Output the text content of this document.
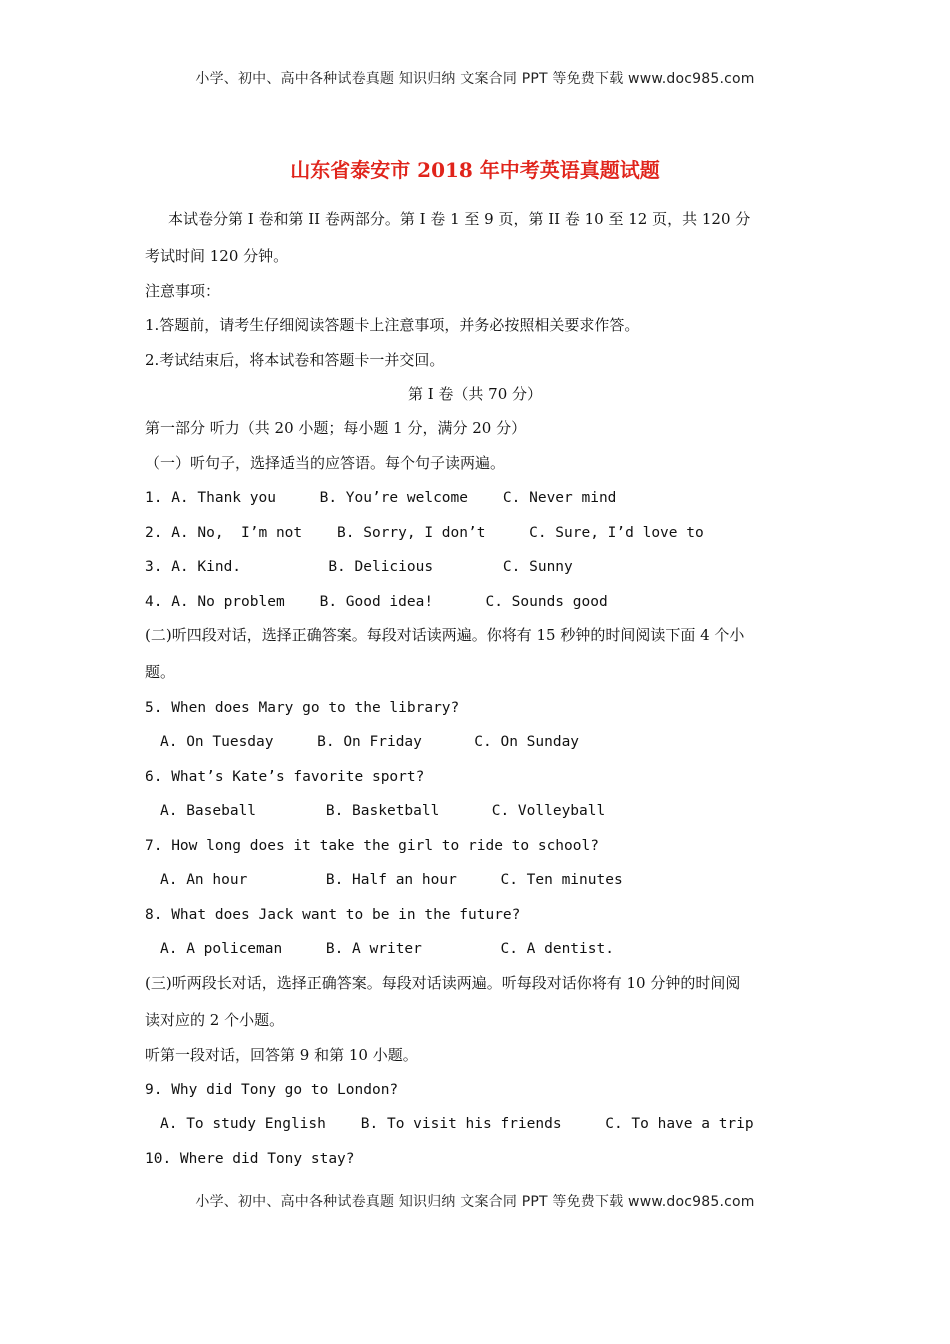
小学、初中、高中各种试卷真题 知识归纳 文案合同 PPT 等免费下载 www.doc985.com
山东省泰安市 2018 年中考英语真题试题
本试卷分第 I 卷和第 II 卷两部分。第 I 卷 1 至 9 页，第 II 卷 10 至 12 页，共 120 分
考试时间 120 分钟。
注意事项：
1.答题前，请考生仔细阅读答题卡上注意事项，并务必按照相关要求作答。
2.考试结束后，将本试卷和答题卡一并交回。
第 I 卷（共 70 分）
第一部分 听力（共 20 小题；每小题 1 分，满分 20 分）
（一）听句子，选择适当的应答语。每个句子读两遍。
1. A. Thank you     B. You’re welcome    C. Never mind
2. A. No,  I’m not    B. Sorry, I don’t     C. Sure, I’d love to
3. A. Kind.          B. Delicious        C. Sunny
4. A. No problem    B. Good idea!      C. Sounds good
(二)听四段对话，选择正确答案。每段对话读两遍。你将有 15 秒钟的时间阅读下面 4 个小
题。
5. When does Mary go to the library?
A. On Tuesday     B. On Friday      C. On Sunday
6. What’s Kate’s favorite sport?
A. Baseball        B. Basketball      C. Volleyball
7. How long does it take the girl to ride to school?
A. An hour         B. Half an hour     C. Ten minutes
8. What does Jack want to be in the future?
A. A policeman     B. A writer         C. A dentist.
(三)听两段长对话，选择正确答案。每段对话读两遍。听每段对话你将有 10 分钟的时间阅
读对应的 2 个小题。
听第一段对话，回答第 9 和第 10 小题。
9. Why did Tony go to London?
A. To study English    B. To visit his friends     C. To have a trip
10. Where did Tony stay?
小学、初中、高中各种试卷真题 知识归纳 文案合同 PPT 等免费下载 www.doc985.com
